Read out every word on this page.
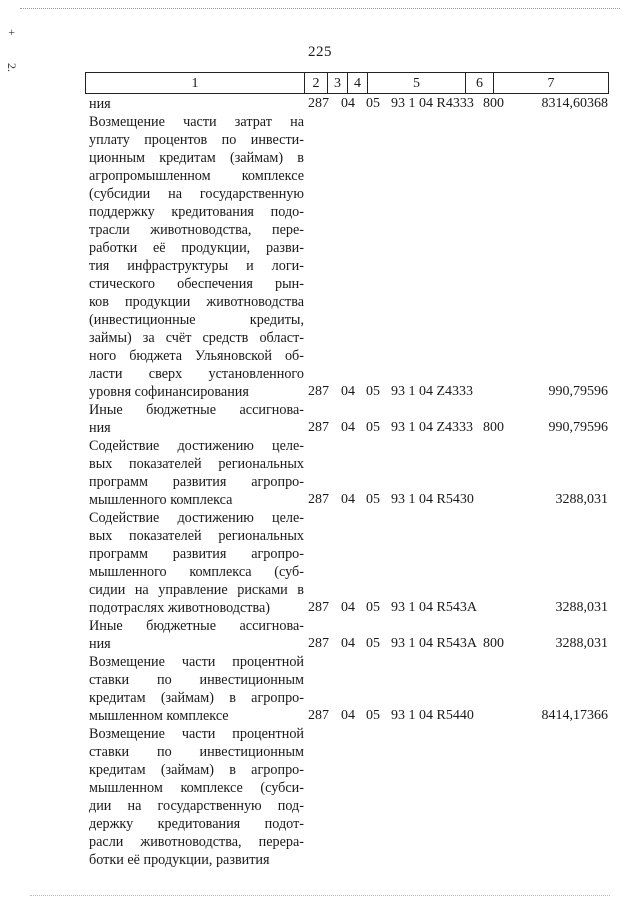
+
2.
225
1	2	3 4	5	6	7
ния	287 04 05 93 1 04 R4333 800	8314,60368
Возмещение части затрат на
уплату процентов по инвести-
ционным кредитам (займам) в
агропромышленном комплексе
(субсидии на государственную
поддержку кредитования подо-
трасли животноводства, пере-
работки её продукции, разви-
тия инфраструктуры и логи-
стического обеспечения рын-
ков продукции животноводства
(инвестиционные кредиты,
займы) за счёт средств област-
ного бюджета Ульяновской об-
ласти сверх установленного
уровня софинансирования	287 04 05 93 1 04 Z4333	990,79596
Иные бюджетные ассигнова-
ния	287 04 05 93 1 04 Z4333 800	990,79596
Содействие достижению целе-
вых показателей региональных
программ развития агропро-
мышленного комплекса	287 04 05 93 1 04 R5430	3288,031
Содействие достижению целе-
вых показателей региональных
программ развития агропро-
мышленного комплекса (суб-
сидии на управление рисками в
подотраслях животноводства)	287 04 05 93 1 04 R543A	3288,031
Иные бюджетные ассигнова-
ния	287 04 05 93 1 04 R543A 800	3288,031
Возмещение части процентной
ставки по инвестиционным
кредитам (займам) в агропро-
мышленном комплексе	287 04 05 93 1 04 R5440	8414,17366
Возмещение части процентной
ставки по инвестиционным
кредитам (займам) в агропро-
мышленном комплексе (субси-
дии на государственную под-
держку кредитования подот-
расли животноводства, перера-
ботки её продукции, развития
